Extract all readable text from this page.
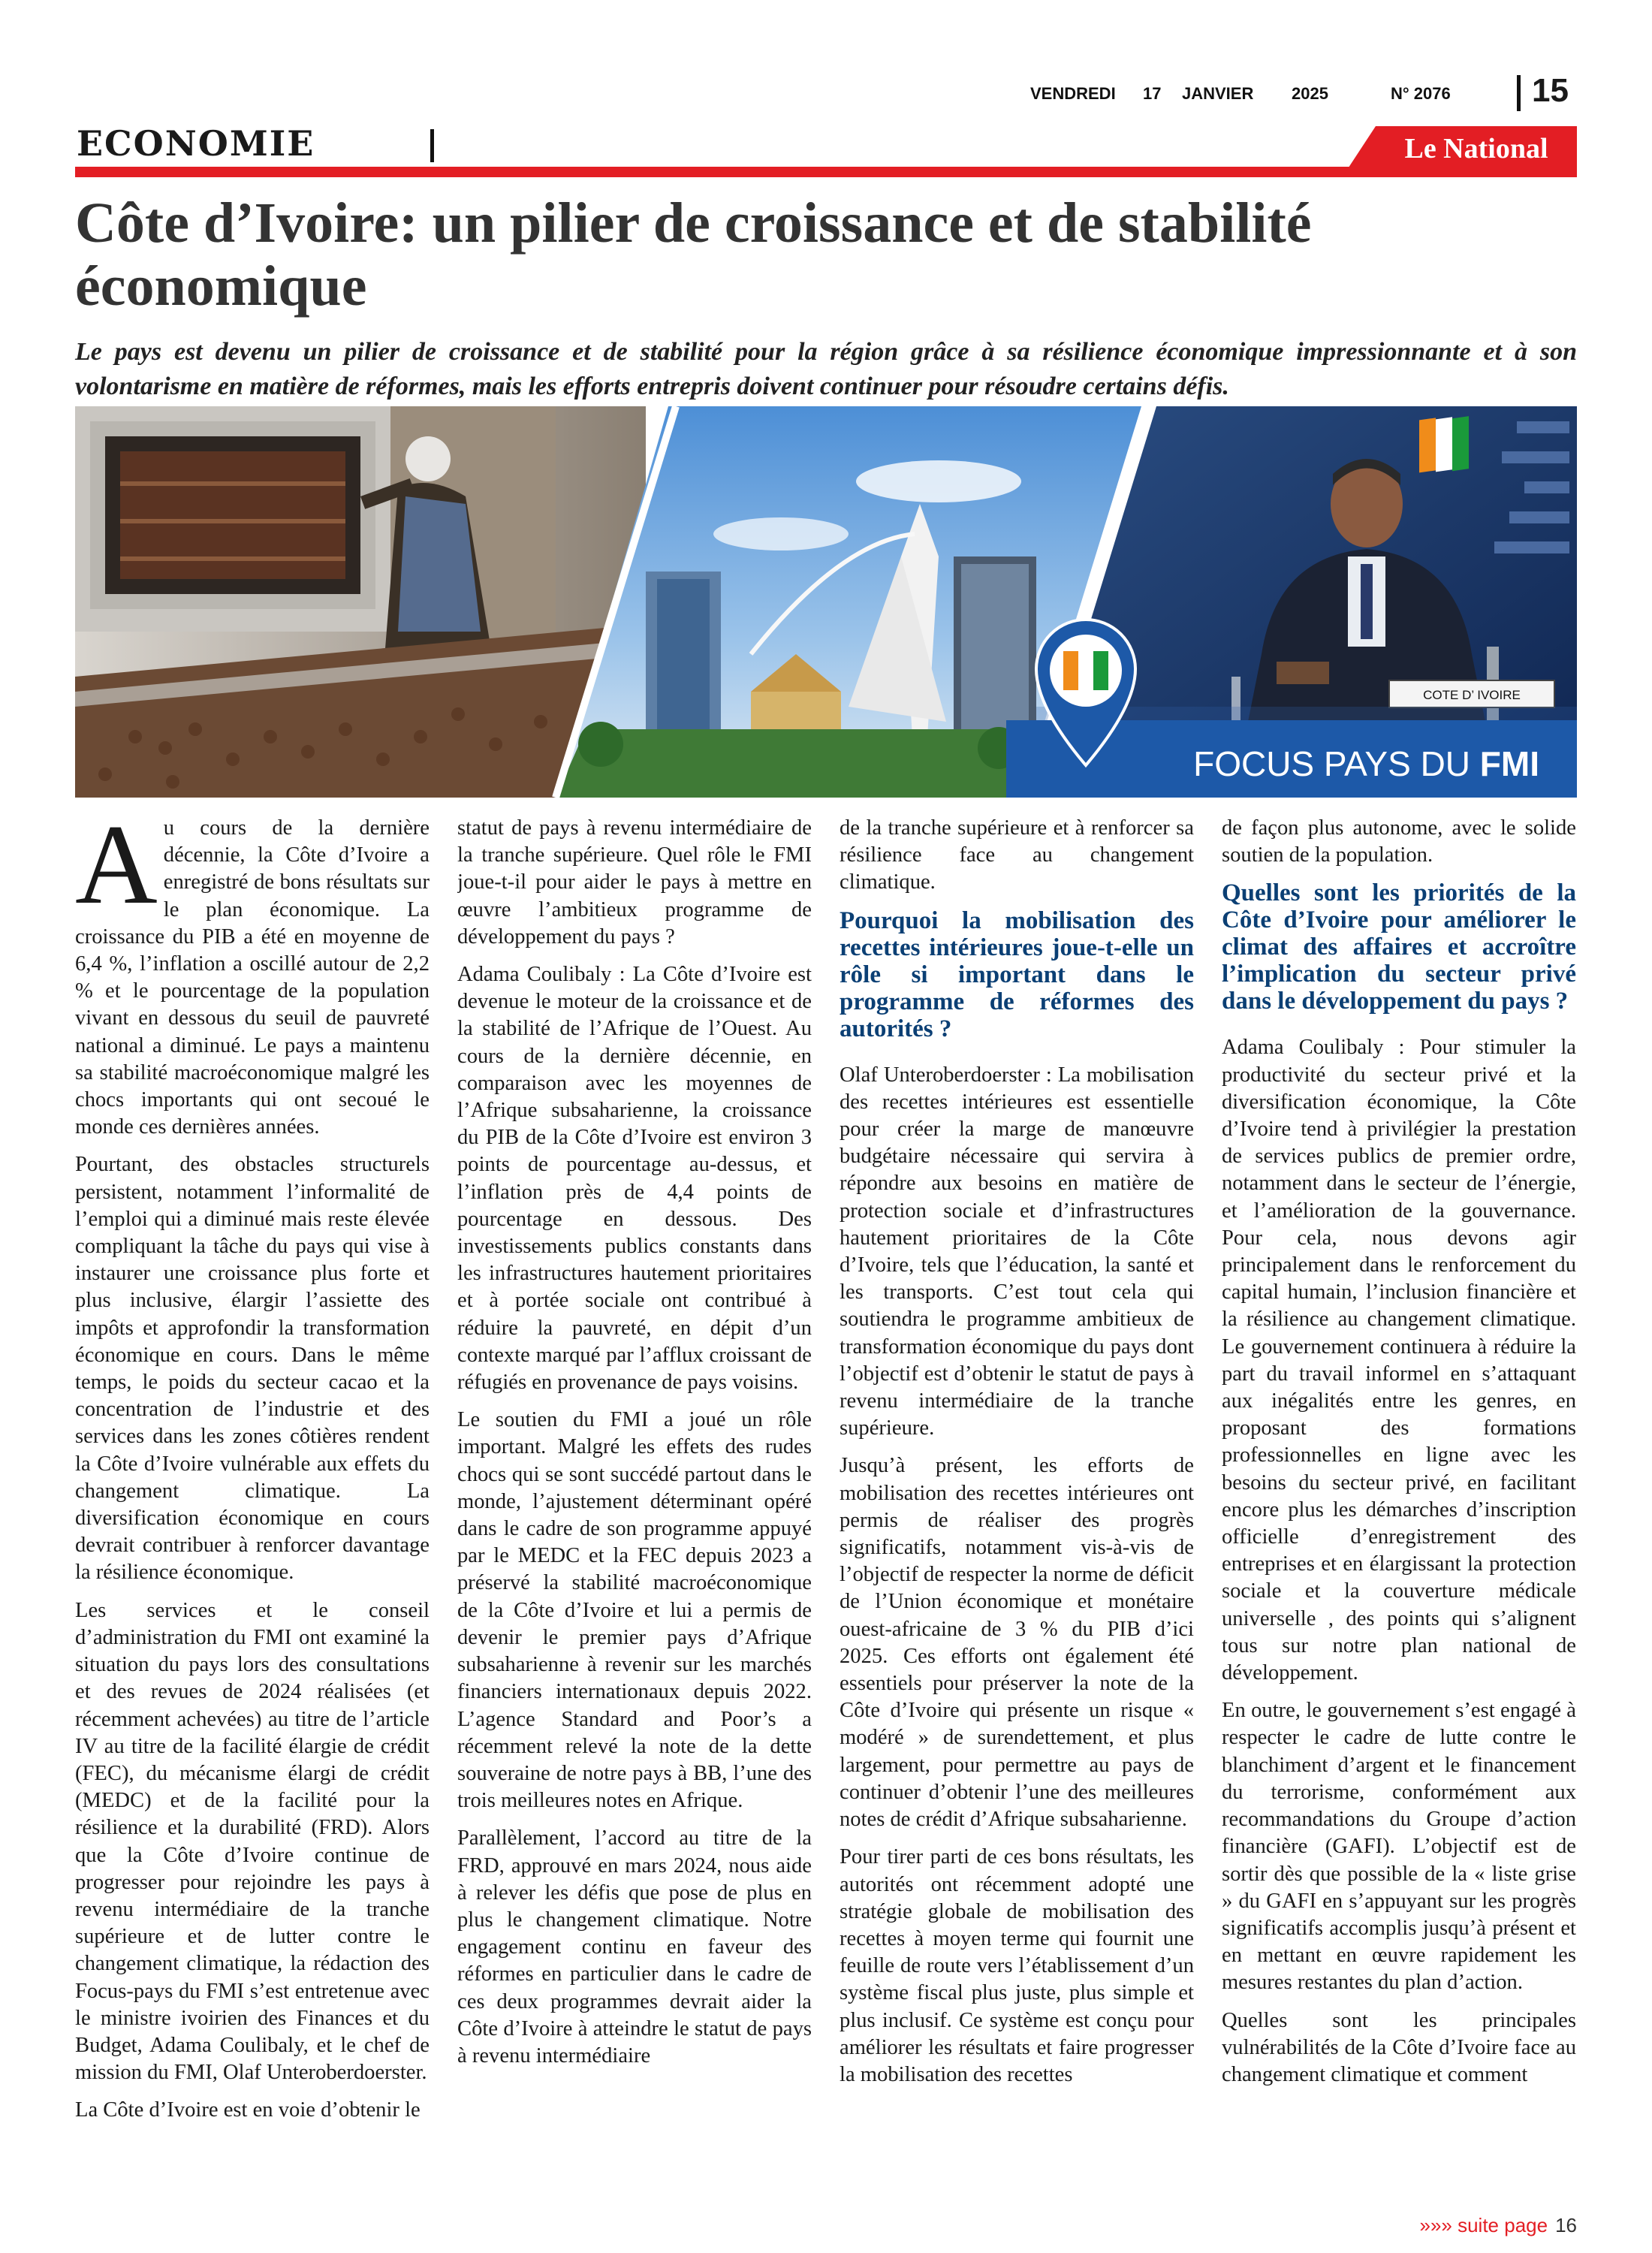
VENDREDI 17 JANVIER 2025	N° 2076 15
ECONOMIE	Le National
Côte d’Ivoire: un pilier de croissance et de stabilité économique

Le pays est devenu un pilier de croissance et de stabilité pour la région grâce à sa résilience économique impressionnante et à son volontarisme en matière de réformes, mais les efforts entrepris doivent continuer pour résoudre certains défis.

COTE D’ IVOIRE
FOCUS PAYS DU FMI

Au cours de la dernière décennie, la Côte d’Ivoire a enregistré de bons résultats sur le plan économique. La croissance du PIB a été en moyenne de 6,4 %, l’inflation a oscillé autour de 2,2 % et le pourcentage de la population vivant en dessous du seuil de pauvreté national a diminué. Le pays a maintenu sa stabilité macroéconomique malgré les chocs importants qui ont secoué le monde ces dernières années.

Pourtant, des obstacles structurels persistent, notamment l’informalité de l’emploi qui a diminué mais reste élevée compliquant la tâche du pays qui vise à instaurer une croissance plus forte et plus inclusive, élargir l’assiette des impôts et approfondir la transformation économique en cours. Dans le même temps, le poids du secteur cacao et la concentration de l’industrie et des services dans les zones côtières rendent la Côte d’Ivoire vulnérable aux effets du changement climatique. La diversification économique en cours devrait contribuer à renforcer davantage la résilience économique.

Les services et le conseil d’administration du FMI ont examiné la situation du pays lors des consultations et des revues de 2024 réalisées (et récemment achevées) au titre de l’article IV au titre de la facilité élargie de crédit (FEC), du mécanisme élargi de crédit (MEDC) et de la facilité pour la résilience et la durabilité (FRD). Alors que la Côte d’Ivoire continue de progresser pour rejoindre les pays à revenu intermédiaire de la tranche supérieure et de lutter contre le changement climatique, la rédaction des Focus-pays du FMI s’est entretenue avec le ministre ivoirien des Finances et du Budget, Adama Coulibaly, et le chef de mission du FMI, Olaf Unteroberdoerster.

La Côte d’Ivoire est en voie d’obtenir le

statut de pays à revenu intermédiaire de la tranche supérieure. Quel rôle le FMI joue-t-il pour aider le pays à mettre en œuvre l’ambitieux programme de développement du pays ?

Adama Coulibaly : La Côte d’Ivoire est devenue le moteur de la croissance et de la stabilité de l’Afrique de l’Ouest. Au cours de la dernière décennie, en comparaison avec les moyennes de l’Afrique subsaharienne, la croissance du PIB de la Côte d’Ivoire est environ 3 points de pourcentage au-dessus, et l’inflation près de 4,4 points de pourcentage en dessous. Des investissements publics constants dans les infrastructures hautement prioritaires et à portée sociale ont contribué à réduire la pauvreté, en dépit d’un contexte marqué par l’afflux croissant de réfugiés en provenance de pays voisins.

Le soutien du FMI a joué un rôle important. Malgré les effets des rudes chocs qui se sont succédé partout dans le monde, l’ajustement déterminant opéré dans le cadre de son programme appuyé par le MEDC et la FEC depuis 2023 a préservé la stabilité macroéconomique de la Côte d’Ivoire et lui a permis de devenir le premier pays d’Afrique subsaharienne à revenir sur les marchés financiers internationaux depuis 2022. L’agence Standard and Poor’s a récemment relevé la note de la dette souveraine de notre pays à BB, l’une des trois meilleures notes en Afrique.

Parallèlement, l’accord au titre de la FRD, approuvé en mars 2024, nous aide à relever les défis que pose de plus en plus le changement climatique. Notre engagement continu en faveur des réformes en particulier dans le cadre de ces deux programmes devrait aider la Côte d’Ivoire à atteindre le statut de pays à revenu intermédiaire

de la tranche supérieure et à renforcer sa résilience face au changement climatique.

Pourquoi la mobilisation des recettes intérieures joue-t-elle un rôle si important dans le programme de réformes des autorités ?

Olaf Unteroberdoerster : La mobilisation des recettes intérieures est essentielle pour créer la marge de manœuvre budgétaire nécessaire qui servira à répondre aux besoins en matière de protection sociale et d’infrastructures hautement prioritaires de la Côte d’Ivoire, tels que l’éducation, la santé et les transports. C’est tout cela qui soutiendra le programme ambitieux de transformation économique du pays dont l’objectif est d’obtenir le statut de pays à revenu intermédiaire de la tranche supérieure.

Jusqu’à présent, les efforts de mobilisation des recettes intérieures ont permis de réaliser des progrès significatifs, notamment vis-à-vis de l’objectif de respecter la norme de déficit de l’Union économique et monétaire ouest-africaine de 3 % du PIB d’ici 2025. Ces efforts ont également été essentiels pour préserver la note de la Côte d’Ivoire qui présente un risque « modéré » de surendettement, et plus largement, pour permettre au pays de continuer d’obtenir l’une des meilleures notes de crédit d’Afrique subsaharienne.

Pour tirer parti de ces bons résultats, les autorités ont récemment adopté une stratégie globale de mobilisation des recettes à moyen terme qui fournit une feuille de route vers l’établissement d’un système fiscal plus juste, plus simple et plus inclusif. Ce système est conçu pour améliorer les résultats et faire progresser la mobilisation des recettes

de façon plus autonome, avec le solide soutien de la population.

Quelles sont les priorités de la Côte d’Ivoire pour améliorer le climat des affaires et accroître l’implication du secteur privé dans le développement du pays ?

Adama Coulibaly : Pour stimuler la productivité du secteur privé et la diversification économique, la Côte d’Ivoire tend à privilégier la prestation de services publics de premier ordre, notamment dans le secteur de l’énergie, et l’amélioration de la gouvernance. Pour cela, nous devons agir principalement dans le renforcement du capital humain, l’inclusion financière et la résilience au changement climatique. Le gouvernement continuera à réduire la part du travail informel en s’attaquant aux inégalités entre les genres, en proposant des formations professionnelles en ligne avec les besoins du secteur privé, en facilitant encore plus les démarches d’inscription officielle d’enregistrement des entreprises et en élargissant la protection sociale et la couverture médicale universelle , des points qui s’alignent tous sur notre plan national de développement.

En outre, le gouvernement s’est engagé à respecter le cadre de lutte contre le blanchiment d’argent et le financement du terrorisme, conformément aux recommandations du Groupe d’action financière (GAFI). L’objectif est de sortir dès que possible de la « liste grise » du GAFI en s’appuyant sur les progrès significatifs accomplis jusqu’à présent et en mettant en œuvre rapidement les mesures restantes du plan d’action.

Quelles sont les principales vulnérabilités de la Côte d’Ivoire face au changement climatique et comment

»»» suite page 16
